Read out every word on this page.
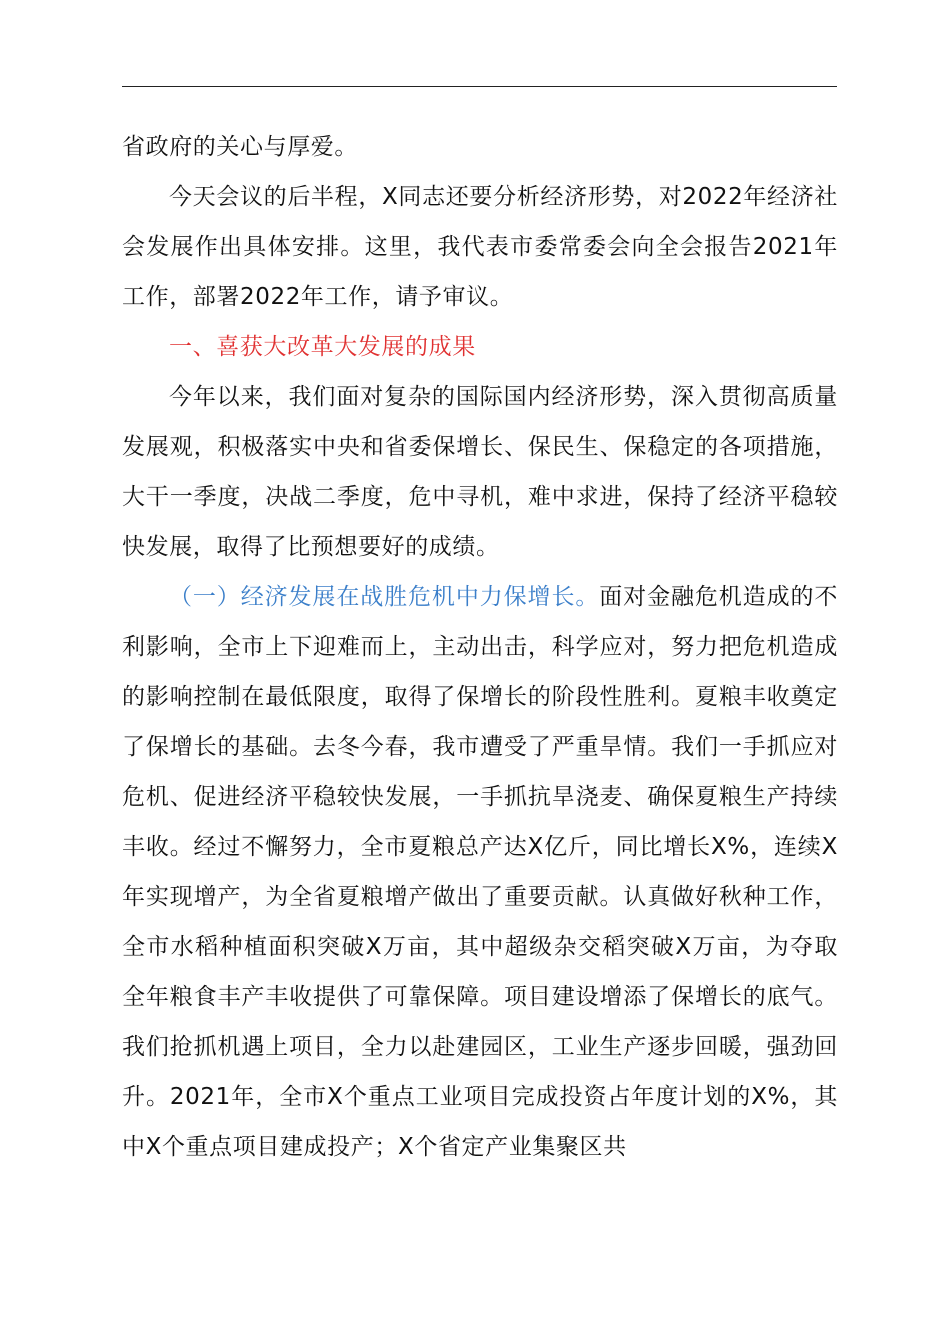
省政府的关心与厚爱。

今天会议的后半程，X同志还要分析经济形势，对2022年经济社会发展作出具体安排。这里，我代表市委常委会向全会报告2021年工作，部署2022年工作，请予审议。

一、喜获大改革大发展的成果

今年以来，我们面对复杂的国际国内经济形势，深入贯彻高质量发展观，积极落实中央和省委保增长、保民生、保稳定的各项措施，大干一季度，决战二季度，危中寻机，难中求进，保持了经济平稳较快发展，取得了比预想要好的成绩。

（一）经济发展在战胜危机中力保增长。面对金融危机造成的不利影响，全市上下迎难而上，主动出击，科学应对，努力把危机造成的影响控制在最低限度，取得了保增长的阶段性胜利。夏粮丰收奠定了保增长的基础。去冬今春，我市遭受了严重旱情。我们一手抓应对危机、促进经济平稳较快发展，一手抓抗旱浇麦、确保夏粮生产持续丰收。经过不懈努力，全市夏粮总产达X亿斤，同比增长X%，连续X年实现增产，为全省夏粮增产做出了重要贡献。认真做好秋种工作，全市水稻种植面积突破X万亩，其中超级杂交稻突破X万亩，为夺取全年粮食丰产丰收提供了可靠保障。项目建设增添了保增长的底气。我们抢抓机遇上项目，全力以赴建园区，工业生产逐步回暖，强劲回升。2021年，全市X个重点工业项目完成投资占年度计划的X%，其中X个重点项目建成投产；X个省定产业集聚区共
